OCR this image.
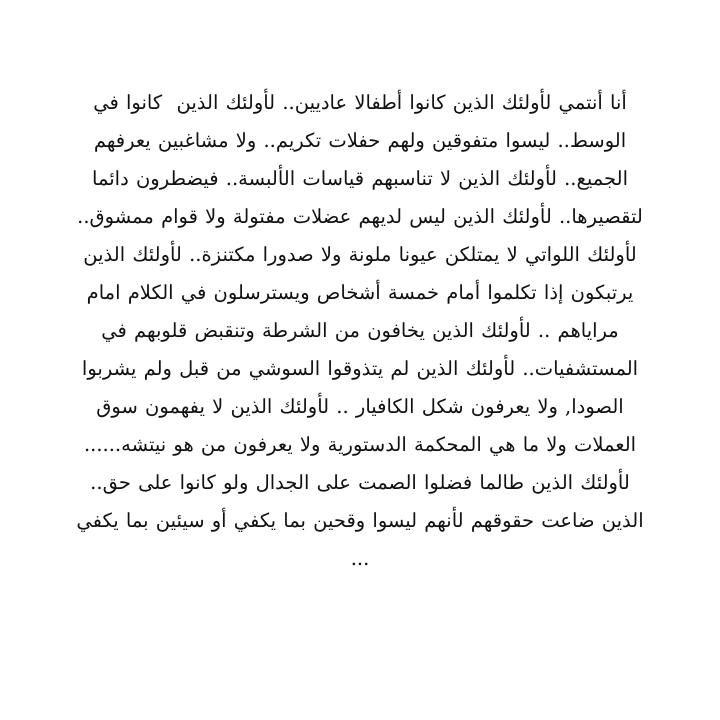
أنا أنتمي لأولئك الذين كانوا أطفالا عاديين.. لأولئك الذين  كانوا في الوسط.. ليسوا متفوقين ولهم حفلات تكريم.. ولا مشاغبين يعرفهم الجميع.. لأولئك الذين لا تناسبهم قياسات الألبسة.. فيضطرون دائما لتقصيرها.. لأولئك الذين ليس لديهم عضلات مفتولة ولا قوام ممشوق.. لأولئك اللواتي لا يمتلكن عيونا ملونة ولا صدورا مكتنزة.. لأولئك الذين يرتبكون إذا تكلموا أمام خمسة أشخاص ويسترسلون في الكلام امام مراياهم .. لأولئك الذين يخافون من الشرطة وتنقبض قلوبهم في المستشفيات.. لأولئك الذين لم يتذوقوا السوشي من قبل ولم يشربوا الصودا, ولا يعرفون شكل الكافيار .. لأولئك الذين لا يفهمون سوق العملات ولا ما هي المحكمة الدستورية ولا يعرفون من هو نيتشه...... لأولئك الذين طالما فضلوا الصمت على الجدال ولو كانوا على حق.. الذين ضاعت حقوقهم لأنهم ليسوا وقحين بما يكفي أو سيئين بما يكفي ...
